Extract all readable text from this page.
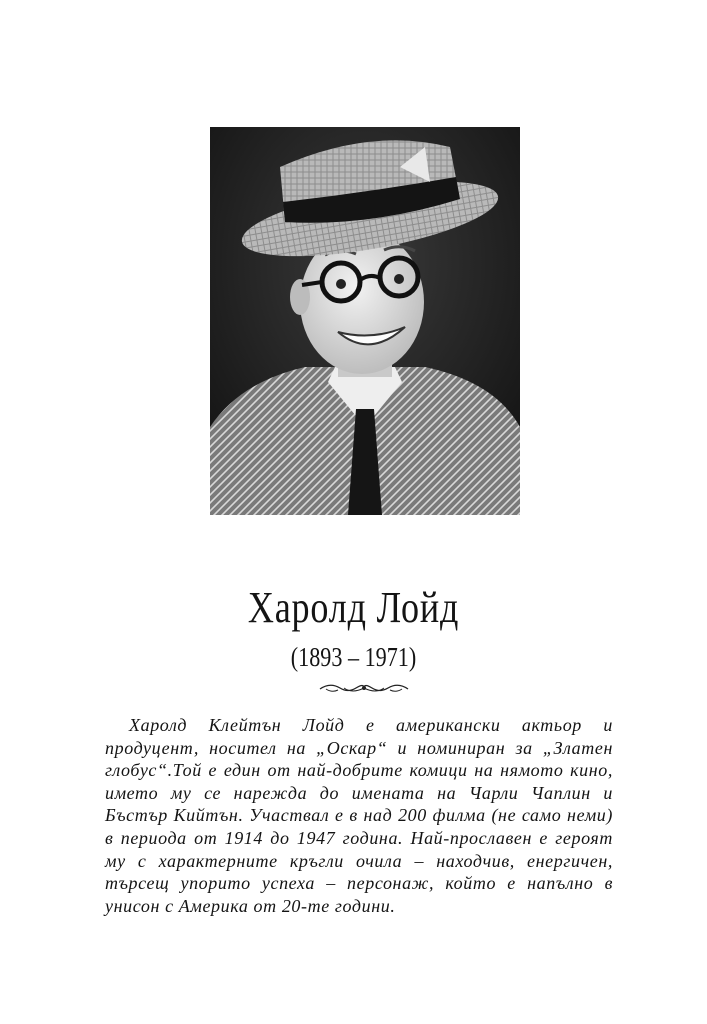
Харолд Лойд
(1893 – 1971)

Харолд Клейтън Лойд е американски актьор и продуцент, носител на „Оскар“ и номиниран за „Златен глобус“.Той е един от най-добрите комици на нямото кино, името му се нарежда до имената на Чарли Чаплин и Бъстър Кийтън. Участвал е в над 200 филма (не само неми) в периода от 1914 до 1947 година. Най-прославен е героят му с характерните кръгли очила – находчив, енергичен, търсещ упорито успеха – персонаж, който е напълно в унисон с Америка от 20-те години.
